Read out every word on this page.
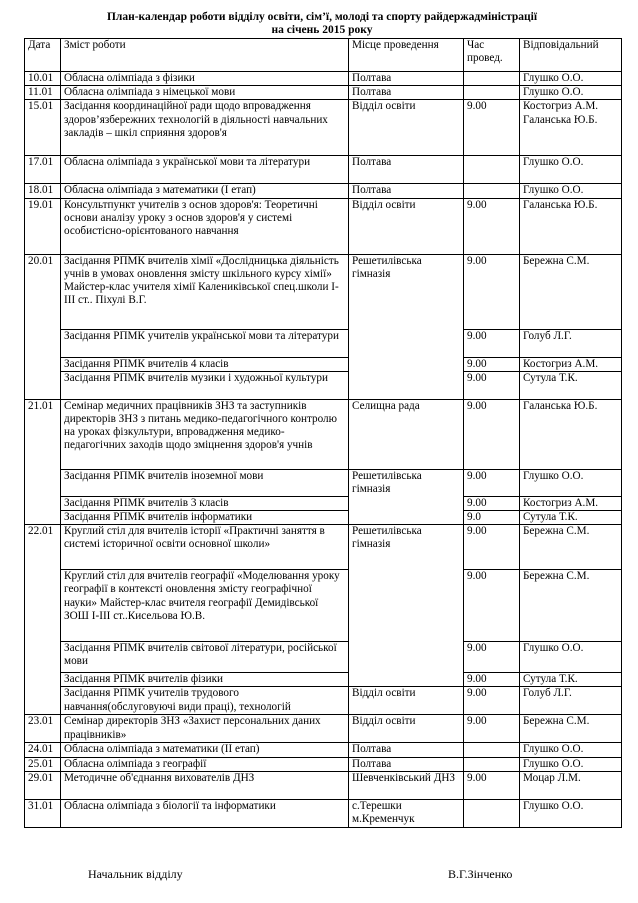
План-календар роботи відділу освіти, сім’ї, молоді та спорту райдержадміністрації
на січень 2015 року
Дата	Зміст роботи	Місце проведення	Час провед.	Відповідальний
10.01	Обласна олімпіада з фізики	Полтава		Глушко О.О.
11.01	Обласна олімпіада з німецької мови	Полтава		Глушко О.О.
15.01	Засідання координаційної ради щодо впровадження здоров’язбережних технологій в діяльності навчальних закладів – шкіл сприяння здоров'я	Відділ освіти	9.00	Костогриз А.М. Галанська Ю.Б.
17.01	Обласна олімпіада з української мови та літератури	Полтава		Глушко О.О.
18.01	Обласна олімпіада з математики (І етап)	Полтава		Глушко О.О.
19.01	Консультпункт учителів з основ здоров'я: Теоретичні основи аналізу уроку з основ здоров'я у системі особистісно-орієнтованого навчання	Відділ освіти	9.00	Галанська Ю.Б.
20.01	Засідання РПМК вчителів хімії «Дослідницька діяльність учнів в умовах оновлення змісту шкільного курсу хімії» Майстер-клас учителя хімії Калениківської спец.школи І-ІІІ ст.. Піхулі В.Г.	Решетилівська гімназія	9.00	Бережна С.М.
	Засідання РПМК учителів української мови та літератури		9.00	Голуб Л.Г.
	Засідання РПМК вчителів 4 класів		9.00	Костогриз А.М.
	Засідання РПМК вчителів музики і художньої культури		9.00	Сутула Т.К.
21.01	Семінар медичних працівників ЗНЗ та заступників директорів ЗНЗ з питань медико-педагогічного контролю на уроках фізкультури, впровадження медико-педагогічних заходів щодо зміцнення здоров'я учнів	Селищна рада	9.00	Галанська Ю.Б.
	Засідання РПМК вчителів іноземної мови	Решетилівська гімназія	9.00	Глушко О.О.
	Засідання РПМК вчителів 3 класів		9.00	Костогриз А.М.
	Засідання РПМК вчителів інформатики		9.0	Сутула Т.К.
22.01	Круглий стіл для вчителів історії «Практичні заняття в системі історичної освіти основної школи»	Решетилівська гімназія	9.00	Бережна С.М.
	Круглий стіл для вчителів географії «Моделювання уроку географії в контексті оновлення змісту географічної науки» Майстер-клас вчителя географії Демидівської ЗОШ І-ІІІ ст..Кисельова Ю.В.		9.00	Бережна С.М.
	Засідання РПМК вчителів світової літератури, російської мови		9.00	Глушко О.О.
	Засідання РПМК вчителів фізики		9.00	Сутула Т.К.
	Засідання РПМК учителів трудового навчання(обслуговуючі види праці), технологій	Відділ освіти	9.00	Голуб Л.Г.
23.01	Семінар директорів ЗНЗ «Захист персональних даних працівників»	Відділ освіти	9.00	Бережна С.М.
24.01	Обласна олімпіада з математики (ІІ етап)	Полтава		Глушко О.О.
25.01	Обласна олімпіада з географії	Полтава		Глушко О.О.
29.01	Методичне об'єднання вихователів ДНЗ	Шевченківський ДНЗ	9.00	Моцар Л.М.
31.01	Обласна олімпіада з біології та інформатики	с.Терешки м.Кременчук		Глушко О.О.
Начальник відділу	В.Г.Зінченко
